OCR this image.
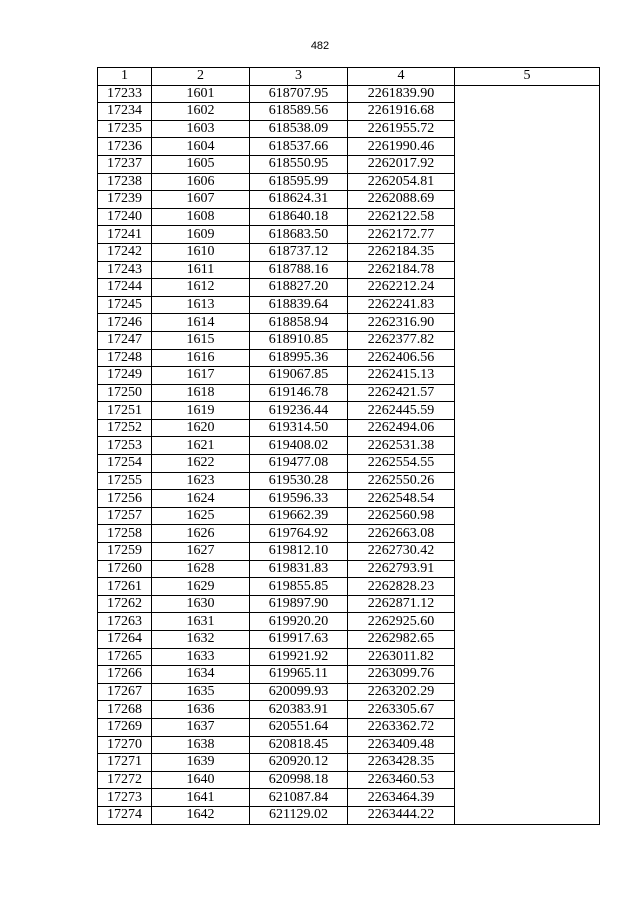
482
1	2	3	4	5
17233	1601	618707.95	2261839.90	
17234	1602	618589.56	2261916.68	
17235	1603	618538.09	2261955.72	
17236	1604	618537.66	2261990.46	
17237	1605	618550.95	2262017.92	
17238	1606	618595.99	2262054.81	
17239	1607	618624.31	2262088.69	
17240	1608	618640.18	2262122.58	
17241	1609	618683.50	2262172.77	
17242	1610	618737.12	2262184.35	
17243	1611	618788.16	2262184.78	
17244	1612	618827.20	2262212.24	
17245	1613	618839.64	2262241.83	
17246	1614	618858.94	2262316.90	
17247	1615	618910.85	2262377.82	
17248	1616	618995.36	2262406.56	
17249	1617	619067.85	2262415.13	
17250	1618	619146.78	2262421.57	
17251	1619	619236.44	2262445.59	
17252	1620	619314.50	2262494.06	
17253	1621	619408.02	2262531.38	
17254	1622	619477.08	2262554.55	
17255	1623	619530.28	2262550.26	
17256	1624	619596.33	2262548.54	
17257	1625	619662.39	2262560.98	
17258	1626	619764.92	2262663.08	
17259	1627	619812.10	2262730.42	
17260	1628	619831.83	2262793.91	
17261	1629	619855.85	2262828.23	
17262	1630	619897.90	2262871.12	
17263	1631	619920.20	2262925.60	
17264	1632	619917.63	2262982.65	
17265	1633	619921.92	2263011.82	
17266	1634	619965.11	2263099.76	
17267	1635	620099.93	2263202.29	
17268	1636	620383.91	2263305.67	
17269	1637	620551.64	2263362.72	
17270	1638	620818.45	2263409.48	
17271	1639	620920.12	2263428.35	
17272	1640	620998.18	2263460.53	
17273	1641	621087.84	2263464.39	
17274	1642	621129.02	2263444.22	
